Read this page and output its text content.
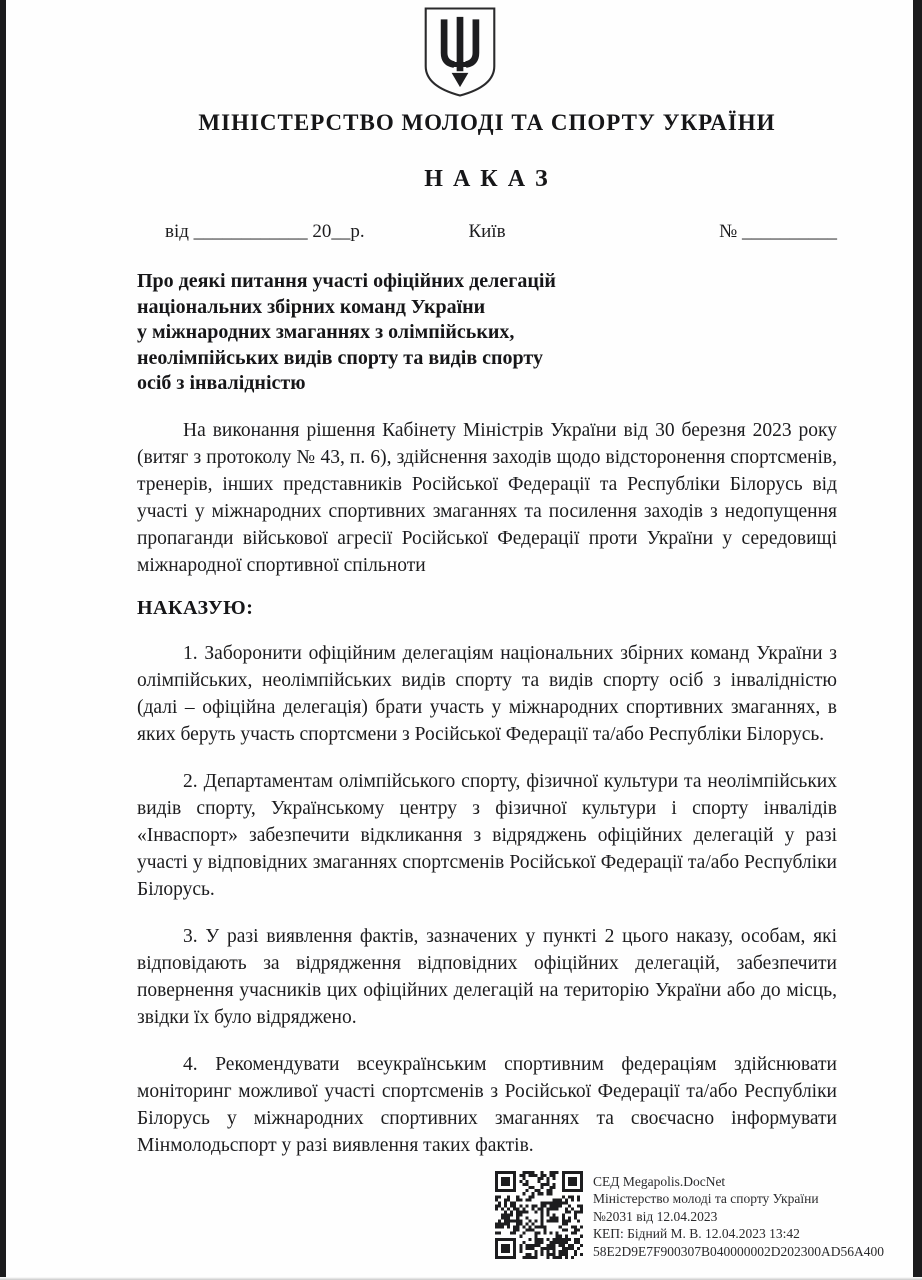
МІНІСТЕРСТВО МОЛОДІ ТА СПОРТУ УКРАЇНИ
Н А К А З
від ____________ 20__р.	Київ	№ __________
Про деякі питання участі офіційних делегацій
національних збірних команд України
у міжнародних змаганнях з олімпійських,
неолімпійських видів спорту та видів спорту
осіб з інвалідністю

На виконання рішення Кабінету Міністрів України від 30 березня 2023 року (витяг з протоколу № 43, п. 6), здійснення заходів щодо відсторонення спортсменів, тренерів, інших представників Російської Федерації та Республіки Білорусь від участі у міжнародних спортивних змаганнях та посилення заходів з недопущення пропаганди військової агресії Російської Федерації проти України у середовищі міжнародної спортивної спільноти

НАКАЗУЮ:

1. Заборонити офіційним делегаціям національних збірних команд України з олімпійських, неолімпійських видів спорту та видів спорту осіб з інвалідністю (далі – офіційна делегація) брати участь у міжнародних спортивних змаганнях, в яких беруть участь спортсмени з Російської Федерації та/або Республіки Білорусь.

2. Департаментам олімпійського спорту, фізичної культури та неолімпійських видів спорту, Українському центру з фізичної культури і спорту інвалідів «Інваспорт» забезпечити відкликання з відряджень офіційних делегацій у разі участі у відповідних змаганнях спортсменів Російської Федерації та/або Республіки Білорусь.

3. У разі виявлення фактів, зазначених у пункті 2 цього наказу, особам, які відповідають за відрядження відповідних офіційних делегацій, забезпечити повернення учасників цих офіційних делегацій на територію України або до місць, звідки їх було відряджено.

4. Рекомендувати всеукраїнським спортивним федераціям здійснювати моніторинг можливої участі спортсменів з Російської Федерації та/або Республіки Білорусь у міжнародних спортивних змаганнях та своєчасно інформувати Мінмолодьспорт у разі виявлення таких фактів.

СЕД Megapolis.DocNet
Міністерство молоді та спорту України
№2031 від 12.04.2023
КЕП: Бідний М. В. 12.04.2023 13:42
58E2D9E7F900307B040000002D202300AD56A400
